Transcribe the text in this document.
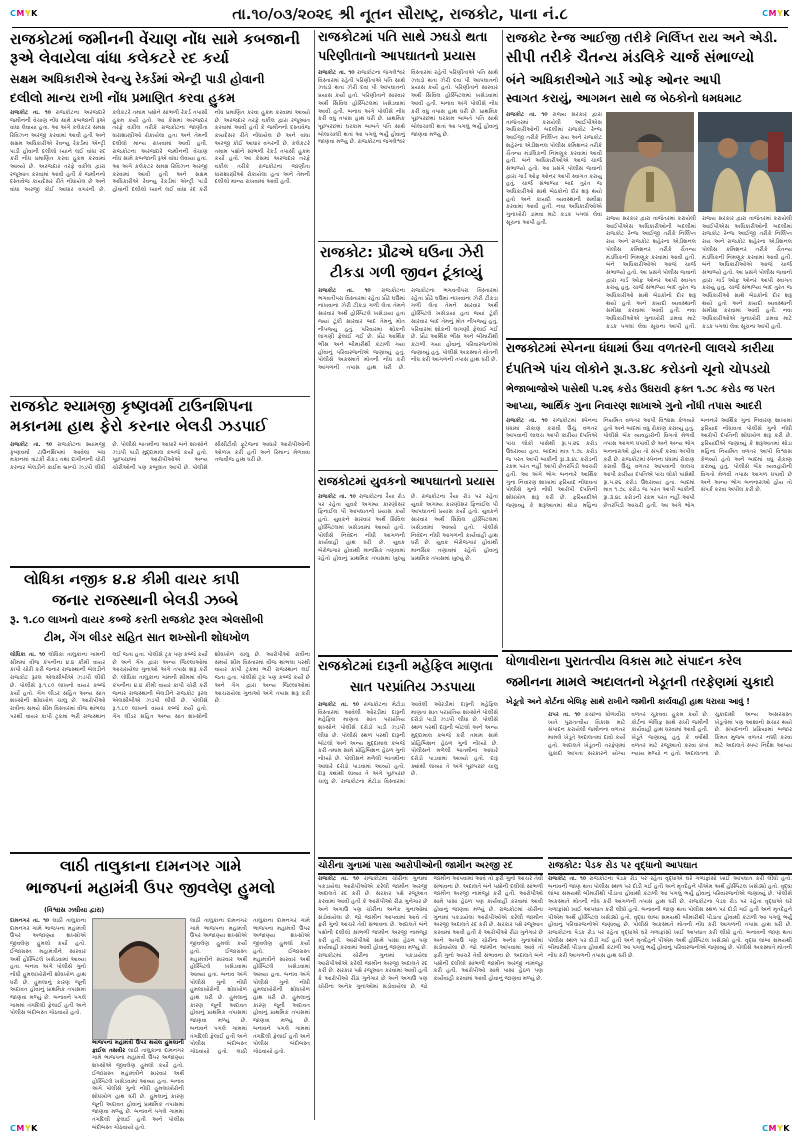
CMYK	CMYK
તા.૧૦/૦૩/૨૦૨૬ શ્રી નૂતન સૌરાષ્ટ્ર, રાજકોટ, પાના નં.૮
રાજકોટમાં જમીનની વેંચાણ નોંધ સામે કબજાની
રૂએ લેવાયેલા વાંધા કલેકટરે રદ કર્યા
સક્ષમ અધિકારીએ રેવન્યુ રેકર્ડમાં એન્ટ્રી પાડી હોવાની
દલીલો માન્ય રાખી નોંધ પ્રમાણિત કરવા હુકમ
રાજકોટ તા. ૧૦ રાજકોટના અરજદારે જમીનની વેચાણ નોંધ સામે કબજાની રૂએ વાંધા લેવાયા હતા. આ અંગે કલેકટર સમક્ષ રિવિઝન અરજી કરવામાં આવી હતી અને સક્ષમ અધિકારીએ રેવન્યુ રેકર્ડમાં એન્ટ્રી પાડી હોવાની દલીલો ધ્યાને લઈ વાંધા રદ કરી નોંધ પ્રમાણિત કરવા હુકમ કરવામાં આવ્યો છે. અરજદાર તરફે વકીલ દ્વારા રજૂઆત કરવામાં આવી હતી કે જમીનનો દસ્તાવેજ કાયદેસર રીતે નોંધાયેલ છે અને વાંધા અરજી કોઈ આધાર વગરની છે. કલેકટરે તમામ પક્ષોને સાંભળી રેકર્ડ તપાસી હુકમ કર્યો હતો. આ કેસમાં અરજદાર તરફે વકીલ તરીકે રાજકોટના જાણીતા ધારાશાસ્ત્રીઓ રોકાયેલા હતા અને તેમની દલીલો માન્ય રાખવામાં આવી હતી. રાજકોટના અરજદારે જમીનની વેચાણ નોંધ સામે કબજાની રૂએ વાંધા લેવાયા હતા. આ અંગે કલેકટર સમક્ષ રિવિઝન અરજી કરવામાં આવી હતી અને સક્ષમ અધિકારીએ રેવન્યુ રેકર્ડમાં એન્ટ્રી પાડી હોવાની દલીલો ધ્યાને લઈ વાંધા રદ કરી નોંધ પ્રમાણિત કરવા હુકમ કરવામાં આવ્યો છે. અરજદાર તરફે વકીલ દ્વારા રજૂઆત કરવામાં આવી હતી કે જમીનનો દસ્તાવેજ કાયદેસર રીતે નોંધાયેલ છે અને વાંધા અરજી કોઈ આધાર વગરની છે. કલેકટરે તમામ પક્ષોને સાંભળી રેકર્ડ તપાસી હુકમ કર્યો હતો. આ કેસમાં અરજદાર તરફે વકીલ તરીકે રાજકોટના જાણીતા ધારાશાસ્ત્રીઓ રોકાયેલા હતા અને તેમની દલીલો માન્ય રાખવામાં આવી હતી.
રાજકોટ શ્યામજી કૃષ્ણવર્મા ટાઉનશિપના
મકાનમા હાથ ફેરો કરનાર બેલડી ઝડપાઈ
રાજકોટ તા. ૧૦ રાજકોટના શ્યામજી કૃષ્ણવર્મા ટાઉનશિપમાં આવેલા બંધ મકાનમાં ત્રાટકી રોકડ તથા દાગીનાની ચોરી કરનાર બેલડીને ક્રાઈમ બ્રાન્ચે ઝડપી લીધી છે. પોલીસે બાતમીના આધારે બંને શખ્સોને ઝડપી પાડી મુદ્દામાલ કબજે કર્યો હતો. પૂછપરછમાં આરોપીઓએ અન્ય ચોરીઓની પણ કબૂલાત આપી છે. પોલીસે સીસીટીવી ફૂટેજના આધારે આરોપીઓની ઓળખ કરી હતી અને રિમાન્ડ મેળવવા તજવીજ હાથ ધરી છે.
લોધિકા નજીક ૪.૪ કીમી વાયર કાપી
જનાર રાજસ્થાની બેલડી ઝબ્બે
રૂ. ૧.૮૦ લાખનો વાયર કબ્જે કરતી રાજકોટ રૂરલ એલસીબી
ટીમ, ગેંગ લીડર સહિત સાત શખ્સોની શોધખોળ
લોધિકા તા. ૧૦ લોધિકા તાલુકાના ગામની સીમમાં વીજ કંપનીના ૪.૪ કીમી વાયર કાપી ચોરી કરી જનાર રાજસ્થાની બેલડીને રાજકોટ રૂરલ એલસીબીએ ઝડપી લીધી છે. પોલીસે રૂ.૧.૮૦ લાખનો વાયર કબ્જે કર્યો હતો. ગેંગ લીડર સહિત અન્ય સાત શખ્સોની શોધખોળ ચાલુ છે. આરોપીઓ રાત્રીના સમયે સીમ વિસ્તારમાં વીજ થાંભલા પરથી વાયર કાપી ટ્રકમાં ભરી રાજસ્થાન લઈ જતા હતા. પોલીસે ટ્રક પણ કબ્જે કર્યો છે અને ગેંગ દ્વારા અન્ય જિલ્લાઓમાં આચરાયેલા ગુનાઓ અંગે તપાસ શરૂ કરી છે. લોધિકા તાલુકાના ગામની સીમમાં વીજ કંપનીના ૪.૪ કીમી વાયર કાપી ચોરી કરી જનાર રાજસ્થાની બેલડીને રાજકોટ રૂરલ એલસીબીએ ઝડપી લીધી છે. પોલીસે રૂ.૧.૮૦ લાખનો વાયર કબ્જે કર્યો હતો. ગેંગ લીડર સહિત અન્ય સાત શખ્સોની શોધખોળ ચાલુ છે. આરોપીઓ રાત્રીના સમયે સીમ વિસ્તારમાં વીજ થાંભલા પરથી વાયર કાપી ટ્રકમાં ભરી રાજસ્થાન લઈ જતા હતા. પોલીસે ટ્રક પણ કબ્જે કર્યો છે અને ગેંગ દ્વારા અન્ય જિલ્લાઓમાં આચરાયેલા ગુનાઓ અંગે તપાસ શરૂ કરી છે.
લાઠી તાલુકાના દામનગર ગામે
ભાજપનાં મહામંત્રી ઉપર જીવલેણ હુમલો
(વિશ્વાસ ઝઘીયા દ્વારા)
દામનગર તા. ૧૦ લાઠી તાલુકાના દામનગર ગામે ભાજપના મહામંત્રી ઉપર અજાણ્યા શખ્સોએ જીવલેણ હુમલો કર્યો હતો. ઈજાગ્રસ્ત મહામંત્રીને સારવાર અર્થે હોસ્પિટલે ખસેડવામાં આવ્યા હતા. બનાવ અંગે પોલીસે ગુનો નોંધી હુમલાખોરોની શોધખોળ હાથ ધરી છે. હુમલાનું કારણ જૂની અદાવત હોવાનું પ્રાથમિક તપાસમાં જાણવા મળ્યું છે. બનાવને પગલે ગામમાં તંગદિલી ફેલાઈ હતી અને પોલીસ બંદોબસ્ત ગોઠવાયો હતો.
ભાજપનાં મહામંત્રી ઉપર થયેલ હુમલાની ફાઈલ તસવીર લાઠી તાલુકાના દામનગર ગામે ભાજપના મહામંત્રી ઉપર અજાણ્યા શખ્સોએ જીવલેણ હુમલો કર્યો હતો. ઈજાગ્રસ્ત મહામંત્રીને સારવાર અર્થે હોસ્પિટલે ખસેડવામાં આવ્યા હતા. બનાવ અંગે પોલીસે ગુનો નોંધી હુમલાખોરોની શોધખોળ હાથ ધરી છે. હુમલાનું કારણ જૂની અદાવત હોવાનું પ્રાથમિક તપાસમાં જાણવા મળ્યું છે. બનાવને પગલે ગામમાં તંગદિલી ફેલાઈ હતી અને પોલીસ બંદોબસ્ત ગોઠવાયો હતો.
લાઠી તાલુકાના દામનગર ગામે ભાજપના મહામંત્રી ઉપર અજાણ્યા શખ્સોએ જીવલેણ હુમલો કર્યો હતો. ઈજાગ્રસ્ત મહામંત્રીને સારવાર અર્થે હોસ્પિટલે ખસેડવામાં આવ્યા હતા. બનાવ અંગે પોલીસે ગુનો નોંધી હુમલાખોરોની શોધખોળ હાથ ધરી છે. હુમલાનું કારણ જૂની અદાવત હોવાનું પ્રાથમિક તપાસમાં જાણવા મળ્યું છે. બનાવને પગલે ગામમાં તંગદિલી ફેલાઈ હતી અને પોલીસ બંદોબસ્ત ગોઠવાયો હતો. લાઠી તાલુકાના દામનગર ગામે ભાજપના મહામંત્રી ઉપર અજાણ્યા શખ્સોએ જીવલેણ હુમલો કર્યો હતો. ઈજાગ્રસ્ત મહામંત્રીને સારવાર અર્થે હોસ્પિટલે ખસેડવામાં આવ્યા હતા. બનાવ અંગે પોલીસે ગુનો નોંધી હુમલાખોરોની શોધખોળ હાથ ધરી છે. હુમલાનું કારણ જૂની અદાવત હોવાનું પ્રાથમિક તપાસમાં જાણવા મળ્યું છે. બનાવને પગલે ગામમાં તંગદિલી ફેલાઈ હતી અને પોલીસ બંદોબસ્ત ગોઠવાયો હતો.
રાજકોટમાં પતિ સાથે ઝઘડો થતા
પરિણીતાનો આપઘાતનો પ્રયાસ
રાજકોટ તા. ૧૦ રાજકોટના જંગલેશ્વર વિસ્તારમાં રહેતી પરિણીતાએ પતિ સાથે ઝઘડો થતા ઝેરી દવા પી આપઘાતનો પ્રયાસ કર્યો હતો. પરિણીતાને સારવાર અર્થે સિવિલ હોસ્પિટલમાં ખસેડવામાં આવી હતી. બનાવ અંગે પોલીસે નોંધ કરી વધુ તપાસ હાથ ધરી છે. પ્રાથમિક પૂછપરછમાં ઘરકામ બાબતે પતિ સાથે બોલાચાલી થતાં આ પગલું ભર્યું હોવાનું જાણવા મળ્યું છે. રાજકોટના જંગલેશ્વર વિસ્તારમાં રહેતી પરિણીતાએ પતિ સાથે ઝઘડો થતા ઝેરી દવા પી આપઘાતનો પ્રયાસ કર્યો હતો. પરિણીતાને સારવાર અર્થે સિવિલ હોસ્પિટલમાં ખસેડવામાં આવી હતી. બનાવ અંગે પોલીસે નોંધ કરી વધુ તપાસ હાથ ધરી છે. પ્રાથમિક પૂછપરછમાં ઘરકામ બાબતે પતિ સાથે બોલાચાલી થતાં આ પગલું ભર્યું હોવાનું જાણવા મળ્યું છે.
રાજકોટ: પ્રૌઢએ ઘઉના ઝેરી
ટીકડા ગળી જીવન ટૂંકાવ્યું
રાજકોટ તા. ૧૦ રાજકોટના ભગવતીપરા વિસ્તારમાં રહેતા પ્રૌઢે ઘઉમાં નાખવાના ઝેરી ટીકડા ગળી લેતા તેમને સારવાર અર્થે હોસ્પિટલે ખસેડાયા હતા જ્યાં ટૂંકી સારવાર બાદ તેમનું મોત નીપજ્યું હતું. પરિવારમાં શોકની લાગણી ફેલાઈ ગઈ છે. પ્રૌઢ આર્થિક ભીંસ અને બીમારીથી કંટાળી ગયા હોવાનું પરિવારજનોએ જણાવ્યું હતું. પોલીસે અકસ્માતે મોતની નોંધ કરી આગળની તપાસ હાથ ધરી છે. રાજકોટના ભગવતીપરા વિસ્તારમાં રહેતા પ્રૌઢે ઘઉમાં નાખવાના ઝેરી ટીકડા ગળી લેતા તેમને સારવાર અર્થે હોસ્પિટલે ખસેડાયા હતા જ્યાં ટૂંકી સારવાર બાદ તેમનું મોત નીપજ્યું હતું. પરિવારમાં શોકની લાગણી ફેલાઈ ગઈ છે. પ્રૌઢ આર્થિક ભીંસ અને બીમારીથી કંટાળી ગયા હોવાનું પરિવારજનોએ જણાવ્યું હતું. પોલીસે અકસ્માતે મોતની નોંધ કરી આગળની તપાસ હાથ ધરી છે.
રાજકોટમાં યુવકનો આપઘાતનો પ્રયાસ
રાજકોટ તા. ૧૦ રાજકોટના રૈયા રોડ પર રહેતા યુવકે અગમ્ય કારણોસર ફિનાઈલ પી આપઘાતનો પ્રયાસ કર્યો હતો. યુવકને સારવાર અર્થે સિવિલ હોસ્પિટલમાં ખસેડવામાં આવ્યો હતો. પોલીસે નિવેદન નોંધી આગળની કાર્યવાહી હાથ ધરી છે. યુવક બેરોજગાર હોવાથી માનસિક તણાવમાં રહેતો હોવાનું પ્રાથમિક તપાસમાં ખુલ્યું છે. રાજકોટના રૈયા રોડ પર રહેતા યુવકે અગમ્ય કારણોસર ફિનાઈલ પી આપઘાતનો પ્રયાસ કર્યો હતો. યુવકને સારવાર અર્થે સિવિલ હોસ્પિટલમાં ખસેડવામાં આવ્યો હતો. પોલીસે નિવેદન નોંધી આગળની કાર્યવાહી હાથ ધરી છે. યુવક બેરોજગાર હોવાથી માનસિક તણાવમાં રહેતો હોવાનું પ્રાથમિક તપાસમાં ખુલ્યું છે.
રાજકોટમાં દારૂની મહેફિલ માણતા
સાત પરપ્રાંતિય ઝડપાયા
રાજકોટ તા. ૧૦ રાજકોટના મેટોડા વિસ્તારમાં આવેલી ઓરડીમાં દારૂની મહેફિલ માણતા સાત પરપ્રાંતિય શખ્સોને પોલીસે દરોડો પાડી ઝડપી લીધા છે. પોલીસે સ્થળ પરથી દારૂની બોટલો અને અન્ય મુદ્દામાલ કબજે કરી તમામ સામે પ્રોહિબિશન હેઠળ ગુનો નોંધ્યો છે. પોલીસને મળેલી બાતમીના આધારે દરોડો પાડવામાં આવ્યો હતો. દારૂ ક્યાંથી લાવ્યા તે અંગે પૂછપરછ ચાલુ છે. રાજકોટના મેટોડા વિસ્તારમાં આવેલી ઓરડીમાં દારૂની મહેફિલ માણતા સાત પરપ્રાંતિય શખ્સોને પોલીસે દરોડો પાડી ઝડપી લીધા છે. પોલીસે સ્થળ પરથી દારૂની બોટલો અને અન્ય મુદ્દામાલ કબજે કરી તમામ સામે પ્રોહિબિશન હેઠળ ગુનો નોંધ્યો છે. પોલીસને મળેલી બાતમીના આધારે દરોડો પાડવામાં આવ્યો હતો. દારૂ ક્યાંથી લાવ્યા તે અંગે પૂછપરછ ચાલુ છે.
ચોરીના ગુનામાં પાસા આરોપીઓની જામીન અરજી રદ
રાજકોટ તા. ૧૦ રાજકોટમાં ચોરીના ગુનામાં પકડાયેલા આરોપીઓએ કરેલી જામીન અરજી અદાલતે રદ કરી છે. સરકાર પક્ષે રજૂઆત કરવામાં આવી હતી કે આરોપીઓ રીઢા ગુનેગાર છે અને અગાઉ પણ ચોરીના અનેક ગુનાઓમાં સંડોવાયેલા છે. જો જામીન આપવામાં આવે તો ફરી ગુનો આચરે તેવી સંભાવના છે. અદાલતે બંને પક્ષોની દલીલો સાંભળી જામીન અરજી નામંજૂર કરી હતી. આરોપીઓ સામે પાસા હેઠળ પણ કાર્યવાહી કરવામાં આવી હોવાનું જાણવા મળ્યું છે. રાજકોટમાં ચોરીના ગુનામાં પકડાયેલા આરોપીઓએ કરેલી જામીન અરજી અદાલતે રદ કરી છે. સરકાર પક્ષે રજૂઆત કરવામાં આવી હતી કે આરોપીઓ રીઢા ગુનેગાર છે અને અગાઉ પણ ચોરીના અનેક ગુનાઓમાં સંડોવાયેલા છે. જો જામીન આપવામાં આવે તો ફરી ગુનો આચરે તેવી સંભાવના છે. અદાલતે બંને પક્ષોની દલીલો સાંભળી જામીન અરજી નામંજૂર કરી હતી. આરોપીઓ સામે પાસા હેઠળ પણ કાર્યવાહી કરવામાં આવી હોવાનું જાણવા મળ્યું છે. રાજકોટમાં ચોરીના ગુનામાં પકડાયેલા આરોપીઓએ કરેલી જામીન અરજી અદાલતે રદ કરી છે. સરકાર પક્ષે રજૂઆત કરવામાં આવી હતી કે આરોપીઓ રીઢા ગુનેગાર છે અને અગાઉ પણ ચોરીના અનેક ગુનાઓમાં સંડોવાયેલા છે. જો જામીન આપવામાં આવે તો ફરી ગુનો આચરે તેવી સંભાવના છે. અદાલતે બંને પક્ષોની દલીલો સાંભળી જામીન અરજી નામંજૂર કરી હતી. આરોપીઓ સામે પાસા હેઠળ પણ કાર્યવાહી કરવામાં આવી હોવાનું જાણવા મળ્યું છે.
રાજકોટ રેન્જ આઈજી તરીકે નિર્લિપ્ત રાય અને એડી.
સીપી તરીકે ચૈતન્ય મંડલિકે ચાર્જ સંભાળ્યો
બંને અધિકારીઓને ગાર્ડ ઓફ ઓનર આપી
સ્વાગત કરાયું, આગમન સાથે જ બેઠકોનો ધમધમાટ
રાજકોટ તા. ૧૦ રાજ્ય સરકાર દ્વારા તાજેતરમાં કરાયેલી આઈપીએસ અધિકારીઓની બદલીમાં રાજકોટ રેન્જ આઈજી તરીકે નિર્લિપ્ત રાય અને રાજકોટ શહેરના એડીશનલ પોલીસ કમિશનર તરીકે ચૈતન્ય મંડલિકની નિમણૂક કરવામાં આવી હતી. બંને અધિકારીઓએ આજે ચાર્જ સંભાળ્યો હતો. આ પ્રસંગે પોલીસ જવાનો દ્વારા ગાર્ડ ઓફ ઓનર આપી સ્વાગત કરાયું હતું. ચાર્જ સંભાળ્યા બાદ તુરંત જ અધિકારીઓ સાથે બેઠકોનો દોર શરૂ થયો હતો અને કાયદો વ્યવસ્થાની સમીક્ષા કરવામાં આવી હતી. નવા અધિકારીઓએ ગુનાખોરી ડામવા માટે કડક પગલાં લેવા સૂચના આપી હતી.
રાજ્ય સરકાર દ્વારા તાજેતરમાં કરાયેલી આઈપીએસ અધિકારીઓની બદલીમાં રાજકોટ રેન્જ આઈજી તરીકે નિર્લિપ્ત રાય અને રાજકોટ શહેરના એડીશનલ પોલીસ કમિશનર તરીકે ચૈતન્ય મંડલિકની નિમણૂક કરવામાં આવી હતી. બંને અધિકારીઓએ આજે ચાર્જ સંભાળ્યો હતો. આ પ્રસંગે પોલીસ જવાનો દ્વારા ગાર્ડ ઓફ ઓનર આપી સ્વાગત કરાયું હતું. ચાર્જ સંભાળ્યા બાદ તુરંત જ અધિકારીઓ સાથે બેઠકોનો દોર શરૂ થયો હતો અને કાયદો વ્યવસ્થાની સમીક્ષા કરવામાં આવી હતી. નવા અધિકારીઓએ ગુનાખોરી ડામવા માટે કડક પગલાં લેવા સૂચના આપી હતી. રાજ્ય સરકાર દ્વારા તાજેતરમાં કરાયેલી આઈપીએસ અધિકારીઓની બદલીમાં રાજકોટ રેન્જ આઈજી તરીકે નિર્લિપ્ત રાય અને રાજકોટ શહેરના એડીશનલ પોલીસ કમિશનર તરીકે ચૈતન્ય મંડલિકની નિમણૂક કરવામાં આવી હતી. બંને અધિકારીઓએ આજે ચાર્જ સંભાળ્યો હતો. આ પ્રસંગે પોલીસ જવાનો દ્વારા ગાર્ડ ઓફ ઓનર આપી સ્વાગત કરાયું હતું. ચાર્જ સંભાળ્યા બાદ તુરંત જ અધિકારીઓ સાથે બેઠકોનો દોર શરૂ થયો હતો અને કાયદો વ્યવસ્થાની સમીક્ષા કરવામાં આવી હતી. નવા અધિકારીઓએ ગુનાખોરી ડામવા માટે કડક પગલાં લેવા સૂચના આપી હતી.
રાજકોટમાં સ્પેનના ધંધામાં ઉંચા વળતરની લાલચે કારીયા
દંપતિએ પાંચ લોકોને રૂા.૩.૪૮ કરોડનો ચૂનો ચોપડયો
ભેજાબાજોએ પાસેથી ૫.૨૬ કરોડ ઉઘરાવી ફક્ત ૧.૭૮ કરોડ જ પરત
આપ્યા, આર્થિક ગુના નિવારણ શાખાએ ગુનો નોંધી તપાસ આદરી
રાજકોટ તા. ૧૦ રાજકોટમાં સ્પેનના ધંધામાં રોકાણ કરાવી ઉંચું વળતર આપવાની લાલચ આપી કારીયા દંપતિએ પાંચ લોકો પાસેથી રૂા.૫.૨૬ કરોડ ઉઘરાવ્યા હતા. બાદમાં માત્ર ૧.૭૮ કરોડ જ પરત આપી બાકીની રૂા.૩.૪૮ કરોડની રકમ પરત નહીં આપી છેતરપિંડી આચરી હતી. આ અંગે ભોગ બનનારે આર્થિક ગુના નિવારણ શાખામાં ફરિયાદ નોંધાવતા પોલીસે ગુનો નોંધી આરોપી દંપતિની શોધખોળ શરૂ કરી છે. ફરિયાદીએ જણાવ્યું કે શરૂઆતમાં થોડા મહિના નિયમિત વળતર આપી વિશ્વાસ કેળવ્યો હતો અને બાદમાં વધુ રોકાણ કરાવ્યું હતું. પોલીસે બેંક વ્યવહારોની વિગતો મેળવી તપાસ આગળ ધપાવી છે અને અન્ય ભોગ બનનારાઓ હોય તો સંપર્ક કરવા અપીલ કરી છે. રાજકોટમાં સ્પેનના ધંધામાં રોકાણ કરાવી ઉંચું વળતર આપવાની લાલચ આપી કારીયા દંપતિએ પાંચ લોકો પાસેથી રૂા.૫.૨૬ કરોડ ઉઘરાવ્યા હતા. બાદમાં માત્ર ૧.૭૮ કરોડ જ પરત આપી બાકીની રૂા.૩.૪૮ કરોડની રકમ પરત નહીં આપી છેતરપિંડી આચરી હતી. આ અંગે ભોગ બનનારે આર્થિક ગુના નિવારણ શાખામાં ફરિયાદ નોંધાવતા પોલીસે ગુનો નોંધી આરોપી દંપતિની શોધખોળ શરૂ કરી છે. ફરિયાદીએ જણાવ્યું કે શરૂઆતમાં થોડા મહિના નિયમિત વળતર આપી વિશ્વાસ કેળવ્યો હતો અને બાદમાં વધુ રોકાણ કરાવ્યું હતું. પોલીસે બેંક વ્યવહારોની વિગતો મેળવી તપાસ આગળ ધપાવી છે અને અન્ય ભોગ બનનારાઓ હોય તો સંપર્ક કરવા અપીલ કરી છે.
ધોળાવીરાના પુરાતત્વીય વિકાસ માટે સંપાદન કરેલ
જમીનના મામલે અદાલતનો ખેડૂતની તરફેણમાં ચુકાદો
ખેડૂતો અને કોર્ટના બેલિફ સાથે રાખીને જમીની કાર્યવાહી હાથ ધરાયા આવું !
રાપર તા. ૧૦ કચ્છના ધોળાવીરા ખાતે પુરાતત્વીય વિકાસ માટે સંપાદન કરાયેલી જમીનના વળતર મામલે ખેડૂતે અદાલતમાં દાવો કર્યો હતો. અદાલતે ખેડૂતની તરફેણમાં ચુકાદો આપતા સરકારને યોગ્ય વળતર ચૂકવવા હુકમ કર્યો છે. કોર્ટના બેલિફ સાથે રાખી જમીની કાર્યવાહી હાથ ધરવામાં આવી હતી. ખેડૂતે જણાવ્યું હતું કે વર્ષોથી વળતર માટે રજૂઆતો કરવા છતાં ન્યાય મળ્યો ન હતો. અદાલતના ચુકાદાથી અન્ય અસરગ્રસ્ત ખેડૂતોમાં પણ આશાનો સંચાર થયો છે. સંપાદનની પ્રક્રિયામાં બજાર કિંમત મુજબ વળતર નક્કી કરવા માટે અદાલતે સ્પષ્ટ નિર્દેશ આપ્યા છે.
રાજકોટ: પેડક રોડ પર વૃદ્ધાનો આપઘાત
રાજકોટ તા. ૧૦ રાજકોટના પેડક રોડ પર રહેતા વૃદ્ધાએ ઘરે ગળાફાંસો ખાઈ આપઘાત કરી લીધો હતો. બનાવની જાણ થતા પોલીસ સ્થળ પર દોડી ગઈ હતી અને મૃતદેહને પીએમ અર્થે હોસ્પિટલ ખસેડ્યો હતો. વૃદ્ધા લાંબા સમયથી બીમારીથી પીડાતા હોવાથી કંટાળી આ પગલું ભર્યું હોવાનું પરિવારજનોએ જણાવ્યું છે. પોલીસે અકસ્માતે મોતની નોંધ કરી આગળની તપાસ હાથ ધરી છે. રાજકોટના પેડક રોડ પર રહેતા વૃદ્ધાએ ઘરે ગળાફાંસો ખાઈ આપઘાત કરી લીધો હતો. બનાવની જાણ થતા પોલીસ સ્થળ પર દોડી ગઈ હતી અને મૃતદેહને પીએમ અર્થે હોસ્પિટલ ખસેડ્યો હતો. વૃદ્ધા લાંબા સમયથી બીમારીથી પીડાતા હોવાથી કંટાળી આ પગલું ભર્યું હોવાનું પરિવારજનોએ જણાવ્યું છે. પોલીસે અકસ્માતે મોતની નોંધ કરી આગળની તપાસ હાથ ધરી છે. રાજકોટના પેડક રોડ પર રહેતા વૃદ્ધાએ ઘરે ગળાફાંસો ખાઈ આપઘાત કરી લીધો હતો. બનાવની જાણ થતા પોલીસ સ્થળ પર દોડી ગઈ હતી અને મૃતદેહને પીએમ અર્થે હોસ્પિટલ ખસેડ્યો હતો. વૃદ્ધા લાંબા સમયથી બીમારીથી પીડાતા હોવાથી કંટાળી આ પગલું ભર્યું હોવાનું પરિવારજનોએ જણાવ્યું છે. પોલીસે અકસ્માતે મોતની નોંધ કરી આગળની તપાસ હાથ ધરી છે.
CMYK	CMYK
